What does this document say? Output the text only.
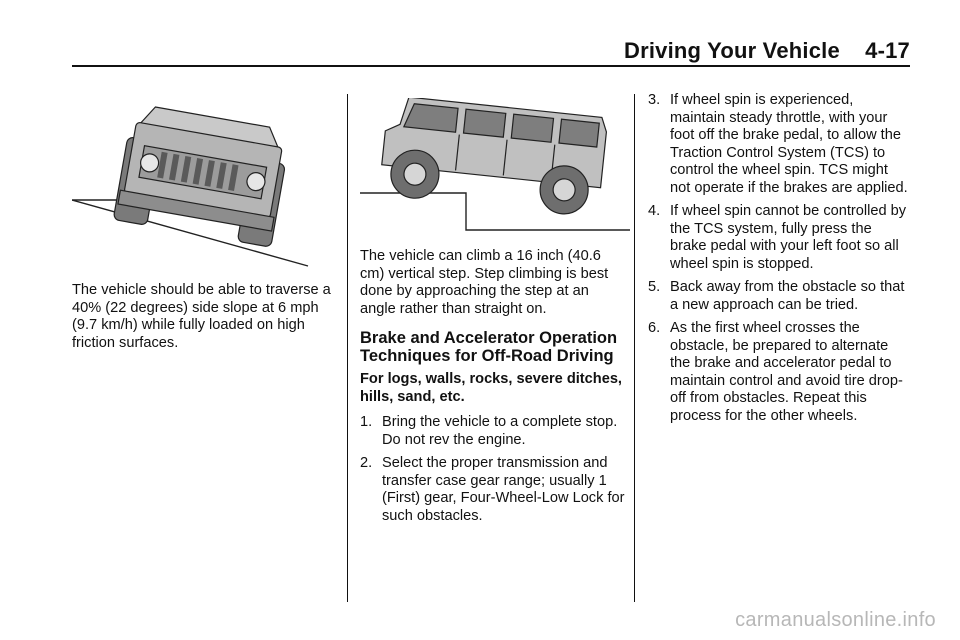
Driving Your Vehicle 4-17

The vehicle should be able to traverse a 40% (22 degrees) side slope at 6 mph (9.7 km/h) while fully loaded on high friction surfaces.

The vehicle can climb a 16 inch (40.6 cm) vertical step. Step climbing is best done by approaching the step at an angle rather than straight on.

Brake and Accelerator Operation Techniques for Off-Road Driving

For logs, walls, rocks, severe ditches, hills, sand, etc.

1. Bring the vehicle to a complete stop. Do not rev the engine.
2. Select the proper transmission and transfer case gear range; usually 1 (First) gear, Four-Wheel-Low Lock for such obstacles.
3. If wheel spin is experienced, maintain steady throttle, with your foot off the brake pedal, to allow the Traction Control System (TCS) to control the wheel spin. TCS might not operate if the brakes are applied.
4. If wheel spin cannot be controlled by the TCS system, fully press the brake pedal with your left foot so all wheel spin is stopped.
5. Back away from the obstacle so that a new approach can be tried.
6. As the first wheel crosses the obstacle, be prepared to alternate the brake and accelerator pedal to maintain control and avoid tire drop-off from obstacles. Repeat this process for the other wheels.
carmanualsonline.info
